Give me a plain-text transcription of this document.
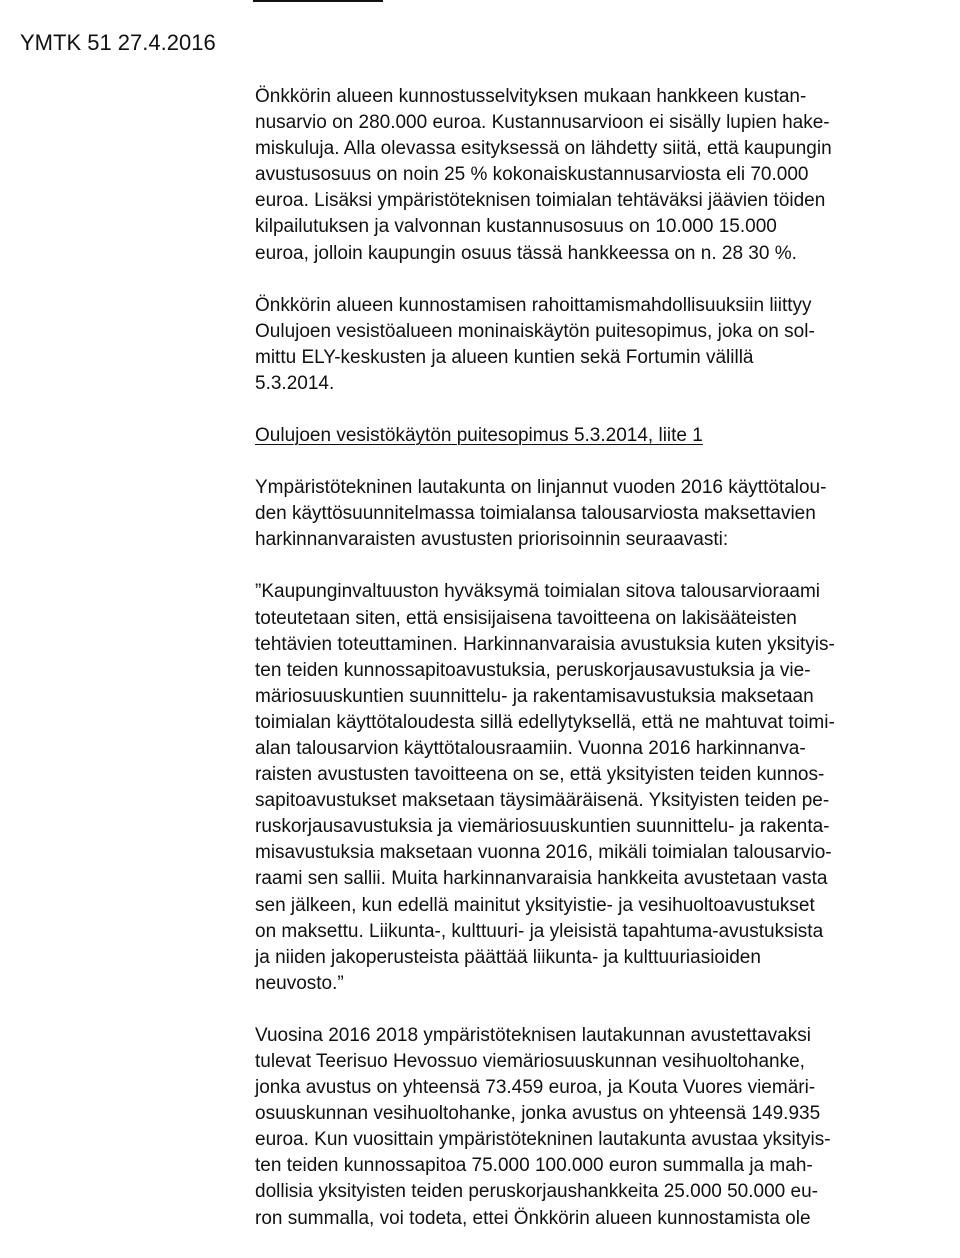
YMTK 51 27.4.2016

Önkkörin alueen kunnostusselvityksen mukaan hankkeen kustan-
nusarvio on 280.000 euroa. Kustannusarvioon ei sisälly lupien hake-
miskuluja. Alla olevassa esityksessä on lähdetty siitä, että kaupungin
avustusosuus on noin 25 % kokonaiskustannusarviosta eli 70.000
euroa. Lisäksi ympäristöteknisen toimialan tehtäväksi jäävien töiden
kilpailutuksen ja valvonnan kustannusosuus on 10.000 15.000
euroa, jolloin kaupungin osuus tässä hankkeessa on n. 28 30 %.

Önkkörin alueen kunnostamisen rahoittamismahdollisuuksiin liittyy
Oulujoen vesistöalueen moninaiskäytön puitesopimus, joka on sol-
mittu ELY-keskusten ja alueen kuntien sekä Fortumin välillä
5.3.2014.

Oulujoen vesistökäytön puitesopimus 5.3.2014, liite 1

Ympäristötekninen lautakunta on linjannut vuoden 2016 käyttötalou-
den käyttösuunnitelmassa toimialansa talousarviosta maksettavien
harkinnanvaraisten avustusten priorisoinnin seuraavasti:

”Kaupunginvaltuuston hyväksymä toimialan sitova talousarvioraami
toteutetaan siten, että ensisijaisena tavoitteena on lakisääteisten
tehtävien toteuttaminen. Harkinnanvaraisia avustuksia kuten yksityis-
ten teiden kunnossapitoavustuksia, peruskorjausavustuksia ja vie-
märiosuuskuntien suunnittelu- ja rakentamisavustuksia maksetaan
toimialan käyttötaloudesta sillä edellytyksellä, että ne mahtuvat toimi-
alan talousarvion käyttötalousraamiin. Vuonna 2016 harkinnanva-
raisten avustusten tavoitteena on se, että yksityisten teiden kunnos-
sapitoavustukset maksetaan täysimääräisenä. Yksityisten teiden pe-
ruskorjausavustuksia ja viemäriosuuskuntien suunnittelu- ja rakenta-
misavustuksia maksetaan vuonna 2016, mikäli toimialan talousarvio-
raami sen sallii. Muita harkinnanvaraisia hankkeita avustetaan vasta
sen jälkeen, kun edellä mainitut yksityistie- ja vesihuoltoavustukset
on maksettu. Liikunta-, kulttuuri- ja yleisistä tapahtuma-avustuksista
ja niiden jakoperusteista päättää liikunta- ja kulttuuriasioiden
neuvosto.”

Vuosina 2016 2018 ympäristöteknisen lautakunnan avustettavaksi
tulevat Teerisuo Hevossuo viemäriosuuskunnan vesihuoltohanke,
jonka avustus on yhteensä 73.459 euroa, ja Kouta Vuores viemäri-
osuuskunnan vesihuoltohanke, jonka avustus on yhteensä 149.935
euroa. Kun vuosittain ympäristötekninen lautakunta avustaa yksityis-
ten teiden kunnossapitoa 75.000 100.000 euron summalla ja mah-
dollisia yksityisten teiden peruskorjaushankkeita 25.000 50.000 eu-
ron summalla, voi todeta, ettei Önkkörin alueen kunnostamista ole
